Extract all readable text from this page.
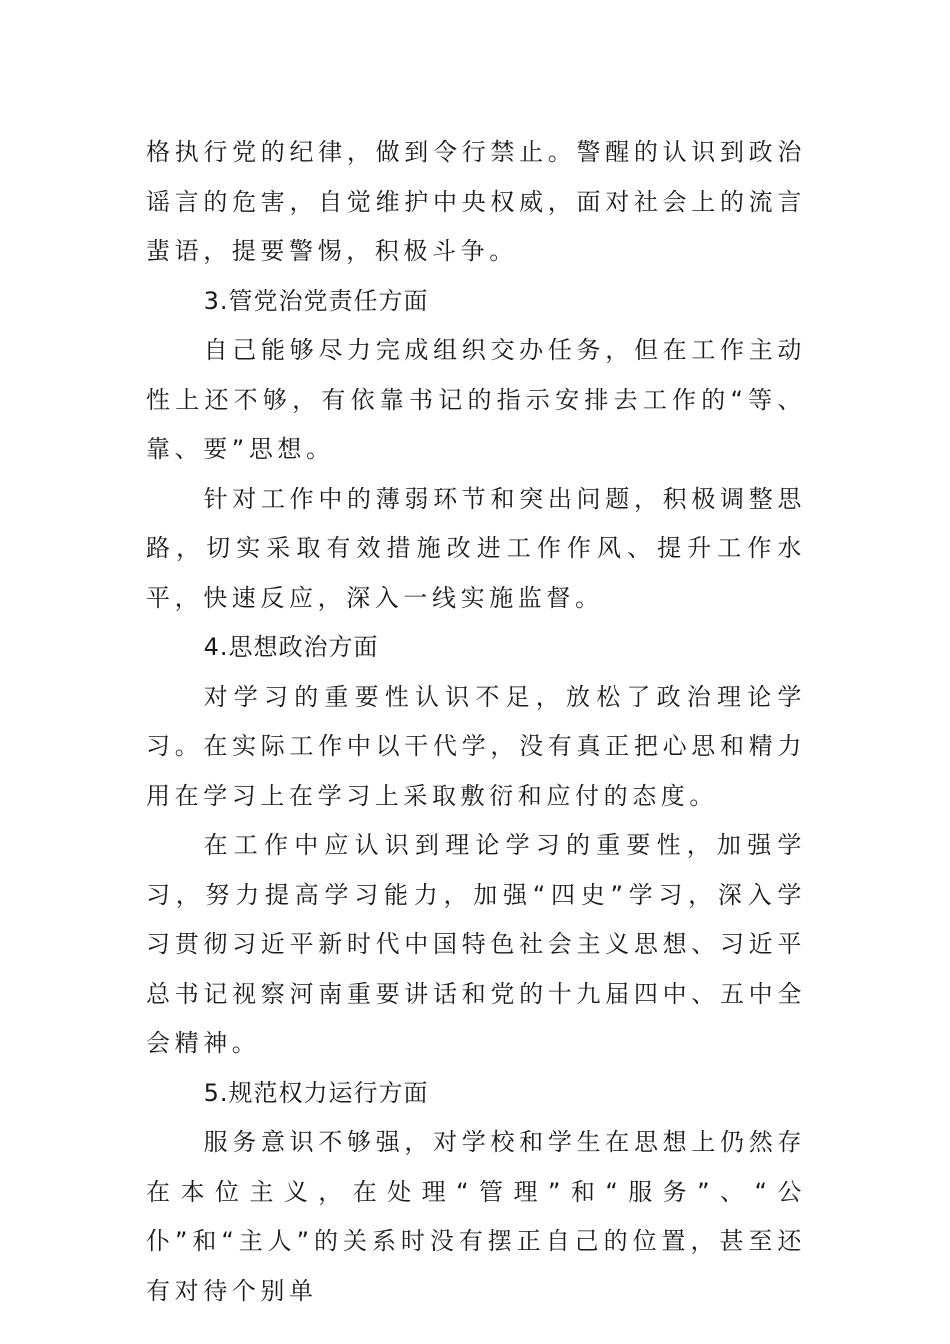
格执行党的纪律，做到令行禁止。警醒的认识到政治谣言的危害，自觉维护中央权威，面对社会上的流言蜚语，提要警惕，积极斗争。

3.管党治党责任方面

自己能够尽力完成组织交办任务，但在工作主动性上还不够，有依靠书记的指示安排去工作的“等、靠、要”思想。

针对工作中的薄弱环节和突出问题，积极调整思路，切实采取有效措施改进工作作风、提升工作水平，快速反应，深入一线实施监督。

4.思想政治方面

对学习的重要性认识不足，放松了政治理论学习。在实际工作中以干代学，没有真正把心思和精力用在学习上在学习上采取敷衍和应付的态度。

在工作中应认识到理论学习的重要性，加强学习，努力提高学习能力，加强“四史”学习，深入学习贯彻习近平新时代中国特色社会主义思想、习近平总书记视察河南重要讲话和党的十九届四中、五中全会精神。

5.规范权力运行方面

服务意识不够强，对学校和学生在思想上仍然存在本位主义，在处理“管理”和“服务”、“公仆”和“主人”的关系时没有摆正自己的位置，甚至还有对待个别单
